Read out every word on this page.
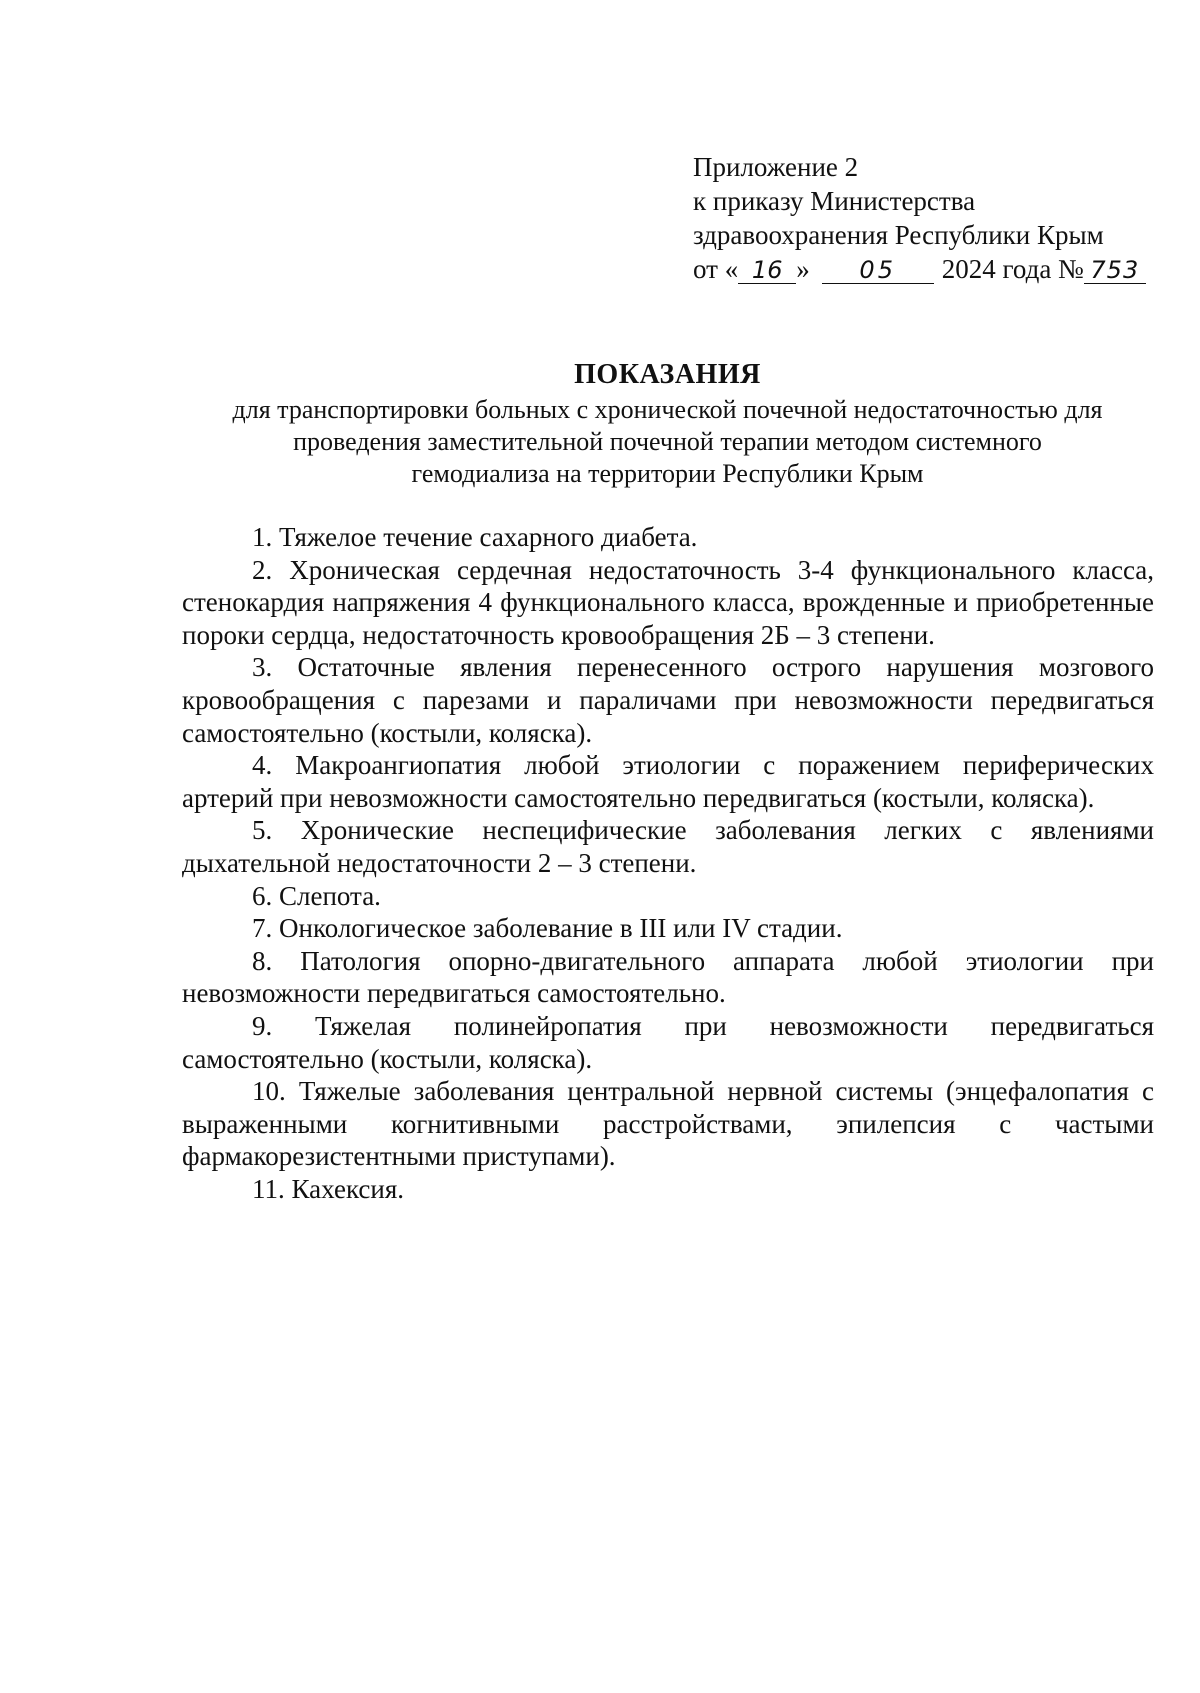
Приложение 2
к приказу Министерства
здравоохранения Республики Крым
от « 16 » 05 2024 года № 753
ПОКАЗАНИЯ
для транспортировки больных с хронической почечной недостаточностью для
проведения заместительной почечной терапии методом системного
гемодиализа на территории Республики Крым

1. Тяжелое течение сахарного диабета.

2. Хроническая сердечная недостаточность 3-4 функционального класса, стенокардия напряжения 4 функционального класса, врожденные и приобретенные пороки сердца, недостаточность кровообращения 2Б – 3 степени.

3. Остаточные явления перенесенного острого нарушения мозгового кровообращения с парезами и параличами при невозможности передвигаться самостоятельно (костыли, коляска).

4. Макроангиопатия любой этиологии с поражением периферических артерий при невозможности самостоятельно передвигаться (костыли, коляска).

5. Хронические неспецифические заболевания легких с явлениями дыхательной недостаточности 2 – 3 степени.

6. Слепота.

7. Онкологическое заболевание в III или IV стадии.

8. Патология опорно-двигательного аппарата любой этиологии при невозможности передвигаться самостоятельно.

9. Тяжелая полинейропатия при невозможности передвигаться самостоятельно (костыли, коляска).

10. Тяжелые заболевания центральной нервной системы (энцефалопатия с выраженными когнитивными расстройствами, эпилепсия с частыми фармакорезистентными приступами).

11. Кахексия.
